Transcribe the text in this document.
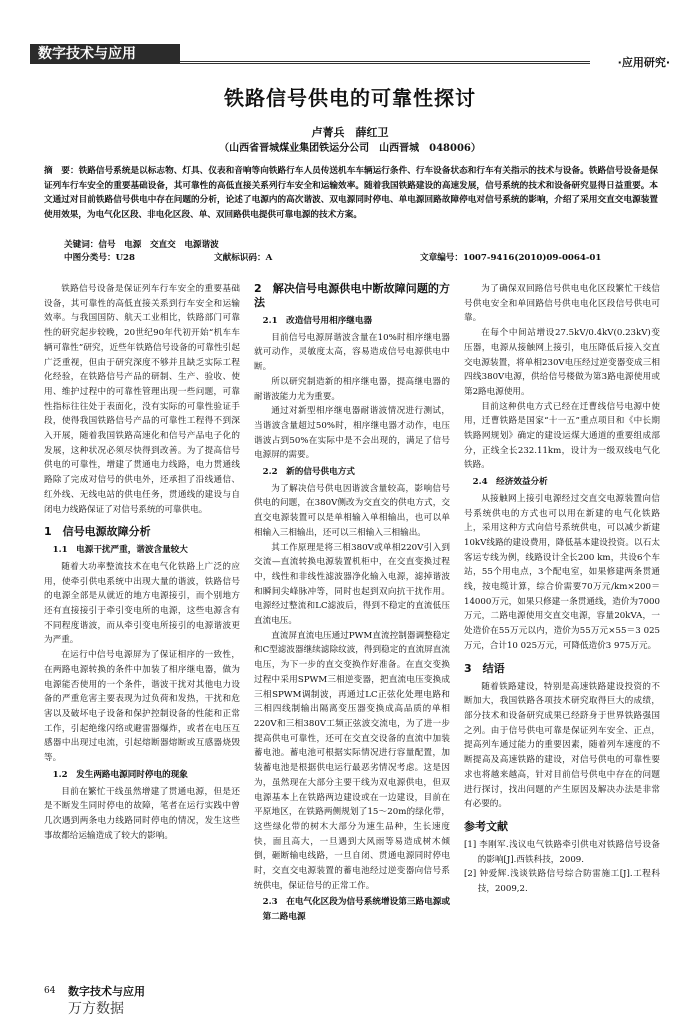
数字技术与应用
·应用研究·
铁路信号供电的可靠性探讨
卢菁兵　薛红卫
（山西省晋城煤业集团铁运分公司　山西晋城　048006）
摘　要：铁路信号系统是以标志物、灯具、仪表和音响等向铁路行车人员传送机车车辆运行条件、行车设备状态和行车有关指示的技术与设备。铁路信号设备是保证列车行车安全的重要基础设备，其可靠性的高低直接关系列行车安全和运输效率。随着我国铁路建设的高速发展，信号系统的技术和设备研究显得日益重要。本文通过对目前铁路信号供电中存在问题的分析，论述了电源内的高次谐波、双电源同时停电、单电源回路故障停电对信号系统的影响，介绍了采用交直交电源装置使用效果，为电气化区段、非电化区段、单、双回路供电提供可靠电源的技术方案。
关键词：信号　电源　交直交　电源谐波
中图分类号：U28	文献标识码：A	文章编号：1007-9416(2010)09-0064-01

铁路信号设备是保证列车行车安全的重要基础设备，其可靠性的高低直接关系到行车安全和运输效率。与我国国防、航天工业相比，铁路部门可靠性的研究起步较晚，20世纪90年代初开始“机车车辆可靠性”研究，近些年铁路信号设备的可靠性引起广泛重视，但由于研究深度不够并且缺乏实际工程化经验，在铁路信号产品的研制、生产、验收、使用、维护过程中的可靠性管理出现一些问题，可靠性指标往往处于表面化，没有实际的可靠性验证手段，使得我国铁路信号产品的可靠性工程得不到深入开展，随着我国铁路高速化和信号产品电子化的发展，这种状况必须尽快得到改善。为了提高信号供电的可靠性，增建了贯通电力线路，电力贯通线路除了完成对信号的供电外，还承担了沿线通信、红外线、无线电站的供电任务，贯通线的建设与自闭电力线路保证了对信号系统的可靠供电。

1　信号电源故障分析
1.1　电源干扰严重，谐波含量较大

随着大功率整流技术在电气化铁路上广泛的应用，使牵引供电系统中出现大量的谐波，铁路信号的电源全部是从就近的地方电源接引，而个别地方还有直接接引于牵引变电所的电源，这些电源含有不同程度谐波，而从牵引变电所接引的电源谐波更为严重。

在运行中信号电源屏为了保证相序的一致性，在两路电源转换的条件中加装了相序继电器，做为电源能否使用的一个条件，谐波干扰对其他电力设备的严重危害主要表现为过负荷和发热，干扰和危害以及破坏电子设备和保护控制设备的性能和正常工作，引起绝缘闪络或避雷器爆炸，或者在电压互感器中出现过电流，引起熔断器熔断或互感器烧毁等。

1.2　发生两路电源同时停电的现象

目前在繁忙干线虽然增建了贯通电源，但是还是不断发生同时停电的故障，笔者在运行实践中曾几次遇到两条电力线路同时停电的情况，发生这些事故都给运输造成了较大的影响。

2　解决信号电源供电中断故障问题的方法
2.1　改造信号用相序继电器

目前信号电源屏谐波含量在10%时相序继电器就可动作，灵敏度太高，容易造成信号电源供电中断。

所以研究制造新的相序继电器，提高继电器的耐谐波能力尤为重要。

通过对新型相序继电器耐谐波情况进行测试，当谐波含量超过50%时，相序继电器才动作，电压谐波占到50%在实际中是不会出现的，满足了信号电源屏的需要。

2.2　新的信号供电方式

为了解决信号供电因谐波含量较高，影响信号供电的问题，在380V侧改为交直交的供电方式，交直交电源装置可以是单相输入单相输出，也可以单相输入三相输出，还可以三相输入三相输出。

其工作原理是将三相380V或单相220V引入到交流—直流转换电源装置机柜中，在交直变换过程中，线性和非线性滤波器净化输入电源，滤掉谐波和瞬间尖峰脉冲等，同时也起到双向抗干扰作用。电源经过整流和LC滤波后，得到不稳定的直流低压直流电压。

直流屏直流电压通过PWM直流控制器调整稳定和C型滤波器继续滤除纹波，得到稳定的直流屏直流电压，为下一步的直交变换作好准备。在直交变换过程中采用SPWM三相逆变器，把直流电压变换成三相SPWM调制波，再通过LC正弦化处理电路和三相四线制输出隔离变压器变换成高品质的单相220V和三相380V工频正弦波交流电，为了进一步提高供电可靠性，还可在交直交设备的直流中加装蓄电池。蓄电池可根据实际情况进行容量配置，加装蓄电池是根据供电运行最恶劣情况考虑。这是因为，虽然现在大部分主要干线为双电源供电，但双电源基本上在铁路两边建设或在一边建设，目前在平原地区，在铁路两侧规划了15～20m的绿化带，这些绿化带的树木大部分为速生品种，生长速度快，面且高大，一旦遇到大风雨等易造成树木倾倒，砸断输电线路，一旦自闭、贯通电源同时停电时，交直交电源装置的蓄电池经过逆变器向信号系统供电，保证信号的正常工作。

2.3　在电气化区段为信号系统增设第三路电源或第二路电源

为了确保双回路信号供电电化区段繁忙干线信号供电安全和单回路信号供电电化区段信号供电可靠。

在每个中间站增设27.5kV/0.4kV(0.23kV)变压器，电源从接触网上接引，电压降低后接入交直交电源装置，将单相230V电压经过逆变器变成三相四线380V电源，供给信号楼做为第3路电源使用或第2路电源使用。

目前这种供电方式已经在迁曹线信号电源中使用，迁曹铁路是国家“十一五”重点项目和《中长期铁路网规划》确定的建设运煤大通道的重要组成部分，正线全长232.11km，设计为一级双线电气化铁路。

2.4　经济效益分析

从接触网上接引电源经过交直交电源装置向信号系统供电的方式也可以用在新建的电气化铁路上，采用这种方式向信号系统供电，可以减少新建10kV线路的建设费用，降低基本建设投资。以石太客运专线为例，线路设计全长200 km，共设6个车站，55个用电点，3个配电室，如果修建两条贯通线，按电缆计算，综合价需要70万元/km×200＝14000万元，如果只修建一条贯通线，造价为7000万元，二路电源使用交直交电源，容量20kVA，一处造价在55万元以内，造价为55万元×55＝3 025万元，合计10 025万元，可降低造价3 975万元。

3　结语

随着铁路建设，特别是高速铁路建设投资的不断加大，我国铁路各项技术研究取得巨大的成绩，部分技术和设备研究成果已经跻身于世界铁路强国之列。由于信号供电可靠是保证列车安全、正点，提高列车通过能力的重要因素，随着列车速度的不断提高及高速铁路的建设，对信号供电的可靠性要求也将越来越高，针对目前信号供电中存在的问题进行探讨，找出问题的产生原因及解决办法是非常有必要的。

参考文献

[1] 李刚军.浅议电气铁路牵引供电对铁路信号设备的影响[J].西铁科技，2009.

[2] 钟爱辉.浅谈铁路信号综合防雷施工[J].工程科技，2009,2.

64 数字技术与应用
万方数据
